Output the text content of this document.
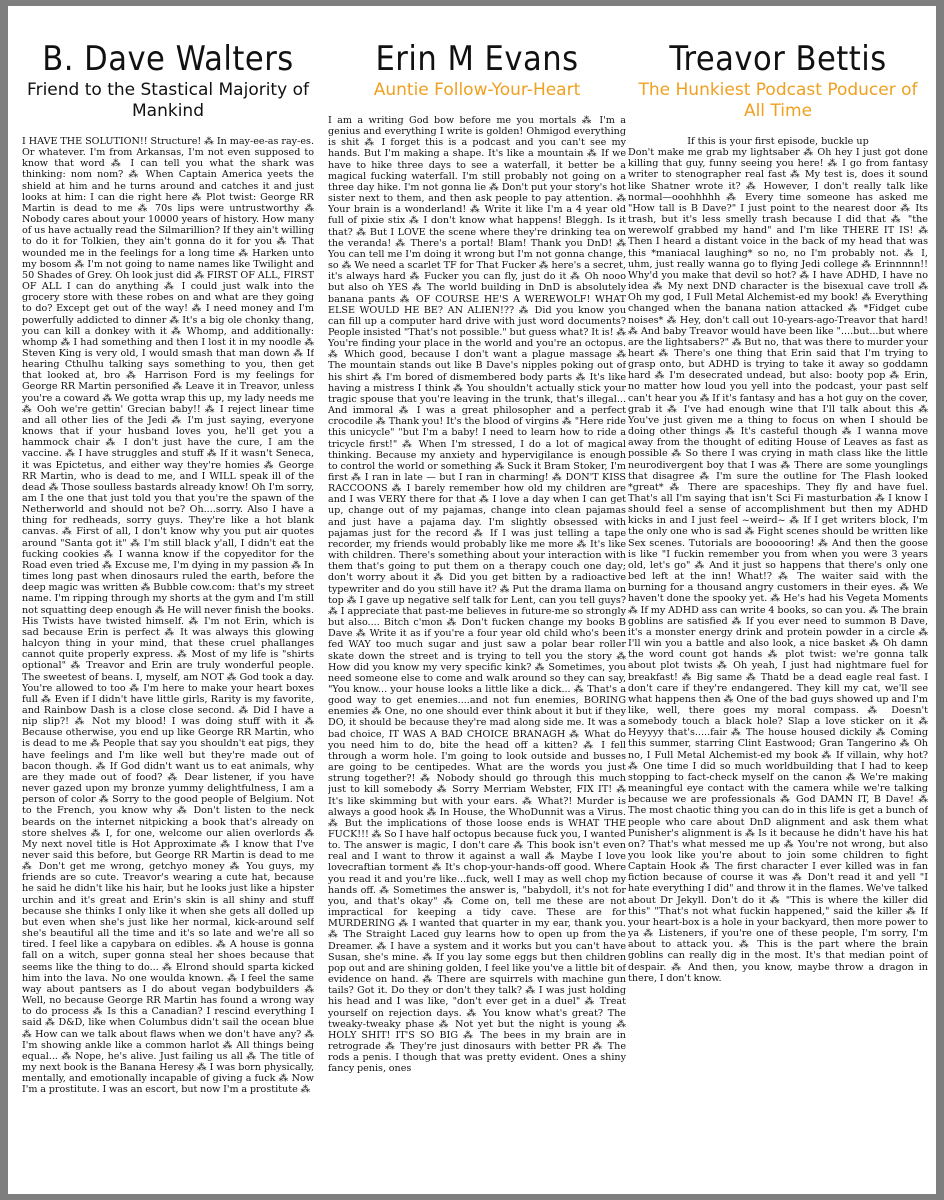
B. Dave Walters
Friend to the Stastical Majority of Mankind
I HAVE THE SOLUTION!! Structure! ⁂ In may-ee-as ray-es. Or whatever. I'm from Arkansas, I'm not even supposed to know that word ⁂ I can tell you what the shark was thinking: nom nom? ⁂ When Captain America yeets the shield at him and he turns around and catches it and just looks at him: I can die right here ⁂ Plot twist: George RR Martin is dead to me ⁂ 70s lips were untrustworthy ⁂ Nobody cares about your 10000 years of history. How many of us have actually read the Silmarillion? If they ain't willing to do it for Tolkien, they ain't gonna do it for you ⁂ That wounded me in the feelings for a long time ⁂ Harken unto my bosom ⁂ I'm not going to name names like Twilight and 50 Shades of Grey. Oh look just did ⁂ FIRST OF ALL, FIRST OF ALL I can do anything ⁂ I could just walk into the grocery store with these robes on and what are they going to do? Except get out of the way! ⁂ I need money and I'm powerfully addicted to dinner ⁂ It's a big ole chonky thang, you can kill a donkey with it ⁂ Whomp, and additionally: whomp ⁂ I had something and then I lost it in my noodle ⁂ Steven King is very old, I would smash that man down ⁂ If hearing Cthulhu talking says something to you, then get that looked at, bro ⁂ Harrison Ford is my feelings for George RR Martin personified ⁂ Leave it in Treavor, unless you're a coward ⁂ We gotta wrap this up, my lady needs me ⁂ Ooh we're gettin' Grecian baby!! ⁂ I reject linear time and all other lies of the Jedi ⁂ I'm just saying, everyone knows that if your husband loves you, he'll get you a hammock chair ⁂ I don't just have the cure, I am the vaccine. ⁂ I have struggles and stuff ⁂ If it wasn't Seneca, it was Epictetus, and either way they're homies ⁂ George RR Martin, who is dead to me, and I WILL speak ill of the dead ⁂ Those soulless bastards already know! Oh I'm sorry, am I the one that just told you that you're the spawn of the Netherworld and should not be? Oh....sorry. Also I have a thing for redheads, sorry guys. They're like a hot blank canvas. ⁂ First of all, I don't know why you put air quotes around "Santa got it" ⁂ I'm still black y'all, I didn't eat the fucking cookies ⁂ I wanna know if the copyeditor for the Road even tried ⁂ Excuse me, I'm dying in my passion ⁂ In times long past when dinosaurs ruled the earth, before the deep magic was written ⁂ Bubble cow.com: that's my street name. I'm ripping through my shorts at the gym and I'm still not squatting deep enough ⁂ He will never finish the books. His Twists have twisted himself. ⁂ I'm not Erin, which is sad because Erin is perfect ⁂ It was always this glowing halcyon thing in your mind, that these cruel phallanges cannot quite properly express. ⁂ Most of my life is "shirts optional" ⁂ Treavor and Erin are truly wonderful people. The sweetest of beans. I, myself, am NOT ⁂ God took a day. You're allowed to too ⁂ I'm here to make your heart boxes full ⁂ Even if I didn't have little girls, Rarity is my favorite, and Rainbow Dash is a close close second. ⁂ Did I have a nip slip?! ⁂ Not my blood! I was doing stuff with it ⁂ Because otherwise, you end up like George RR Martin, who is dead to me ⁂ People that say you shouldn't eat pigs, they have feelings and I'm like well but they're made out of bacon though. ⁂ If God didn't want us to eat animals, why are they made out of food? ⁂ Dear listener, if you have never gazed upon my bronze yummy delightfulness, I am a person of color ⁂ Sorry to the good people of Belgium. Not to the French, you know why ⁂ Don't listen to the neck beards on the internet nitpicking a book that's already on store shelves ⁂ I, for one, welcome our alien overlords ⁂ My next novel title is Hot Approximate ⁂ I know that I've never said this before, but George RR Martin is dead to me ⁂ Don't get me wrong, getchyo money ⁂ You guys, my friends are so cute. Treavor's wearing a cute hat, because he said he didn't like his hair, but he looks just like a hipster urchin and it's great and Erin's skin is all shiny and stuff because she thinks I only like it when she gets all dolled up but even when she's just like her normal, kick-around self she's beautiful all the time and it's so late and we're all so tired. I feel like a capybara on edibles. ⁂ A house is gonna fall on a witch, super gonna steal her shoes because that seems like the thing to do... ⁂ Elrond should sparta kicked him into the lava. No one woulda known. ⁂ I feel the same way about pantsers as I do about vegan bodybuilders ⁂ Well, no because George RR Martin has found a wrong way to do process ⁂ Is this a Canadian? I rescind everything I said ⁂ D&D, like when Columbus didn't sail the ocean blue ⁂ How can we talk about flaws when we don't have any? ⁂ I'm showing ankle like a common harlot ⁂ All things being equal... ⁂ Nope, he's alive. Just failing us all ⁂ The title of my next book is the Banana Heresy ⁂ I was born physically, mentally, and emotionally incapable of giving a fuck ⁂ Now I'm a prostitute. I was an escort, but now I'm a prostitute ⁂
Erin M Evans
Auntie Follow-Your-Heart
I am a writing God bow before me you mortals ⁂ I'm a genius and everything I write is golden! Ohmigod everything is shit ⁂ I forget this is a podcast and you can't see my hands. But I'm making a shape. It's like a mountain ⁂ If we have to hike three days to see a waterfall, it better be a magical fucking waterfall. I'm still probably not going on a three day hike. I'm not gonna lie ⁂ Don't put your story's hot sister next to them, and then ask people to pay attention. ⁂ Your brain is a wonderland! ⁂ Write it like I'm a 4 year old full of pixie stix ⁂ I don't know what happens! Bleggh. Is it that? ⁂ But I LOVE the scene where they're drinking tea on the veranda! ⁂ There's a portal! Blam! Thank you DnD! ⁂ You can tell me I'm doing it wrong but I'm not gonna change, so ⁂ We need a scarlet TF for That Fucker ⁂ here's a secret, it's always hard ⁂ Fucker you can fly, just do it ⁂ Oh nooo but also oh YES ⁂ The world building in DnD is absolutely banana pants ⁂ OF COURSE HE'S A WEREWOLF! WHAT ELSE WOULD HE BE? AN ALIEN!?? ⁂ Did you know you can fill up a computer hard drive with just word documents? People insisted "That's not possible." but guess what? It is! ⁂ You're finding your place in the world and you're an octopus. ⁂ Which good, because I don't want a plague massage ⁂ The mountain stands out like B Dave's nipples poking out of his shirt ⁂ I'm bored of dismembered body parts ⁂ It's like having a mistress I think ⁂ You shouldn't actually stick your tragic spouse that you're leaving in the trunk, that's illegal... And immoral ⁂ I was a great philosopher and a perfect crocodile ⁂ Thank you! It's the blood of virgins ⁂ "Here ride this unicycle" "but I'm a baby! I need to learn how to ride a tricycle first!" ⁂ When I'm stressed, I do a lot of magical thinking. Because my anxiety and hypervigilance is enough to control the world or something ⁂ Suck it Bram Stoker, I'm first ⁂ I ran in late — but I ran in charming! ⁂ DON'T KISS RACCOONS ⁂ I barely remember how old my children are and I was VERY there for that ⁂ I love a day when I can get up, change out of my pajamas, change into clean pajamas and just have a pajama day. I'm slightly obsessed with pajamas just for the record ⁂ If I was just telling a tape recorder, my friends would probably like me more ⁂ It's like with children. There's something about your interaction with them that's going to put them on a therapy couch one day; don't worry about it ⁂ Did you get bitten by a radioactive typewriter and do you still have it? ⁂ Put the drama llama on top ⁂ I gave up negative self talk for Lent, can you tell guys? ⁂ I appreciate that past-me believes in future-me so strongly but also.... Bitch c'mon ⁂ Don't fucken change my books B Dave ⁂ Write it as if you're a four year old child who's been fed WAY too much sugar and just saw a polar bear roller skate down the street and is trying to tell you the story ⁂ How did you know my very specific kink? ⁂ Sometimes, you need someone else to come and walk around so they can say, "You know... your house looks a little like a dick... ⁂ That's a good way to get enemies....and not fun enemies, BORING enemies ⁂ One, no one should ever think about it but if they DO, it should be because they're mad along side me. It was a bad choice, IT WAS A BAD CHOICE BRANAGH ⁂ What do you need him to do, bite the head off a kitten? ⁂ I fell through a worm hole. I'm going to look outside and busses are going to be centipedes. What are the words you just strung together?! ⁂ Nobody should go through this much just to kill somebody ⁂ Sorry Merriam Webster, FIX IT! ⁂ It's like skimming but with your ears. ⁂ What?! Murder is always a good hook ⁂ In House, the WhoDunnit was a Virus. ⁂ But the implications of those loose ends is WHAT THE FUCK!!! ⁂ So I have half octopus because fuck you, I wanted to. The answer is magic, I don't care ⁂ This book isn't even real and I want to throw it against a wall ⁂ Maybe I love lovecraftian torment ⁂ It's chop-your-hands-off good. Where you read it and you're like...fuck, well I may as well chop my hands off. ⁂ Sometimes the answer is, "babydoll, it's not for you, and that's okay" ⁂ Come on, tell me these are not impractical for keeping a tidy cave. These are for MURDERING ⁂ I wanted that quarter in my ear, thank you. ⁂ The Straight Laced guy learns how to open up from the Dreamer. ⁂ I have a system and it works but you can't have Susan, she's mine. ⁂ If you lay some eggs but then children pop out and are shining golden, I feel like you've a little bit of evidence on hand. ⁂ There are squirrels with machine gun tails? Got it. Do they or don't they talk? ⁂ I was just holding his head and I was like, "don't ever get in a duel" ⁂ Treat yourself on rejection days. ⁂ You know what's great? The tweaky-tweaky phase ⁂ Not yet but the night is young ⁂ HOLY SHIT! IT'S SO BIG ⁂ The bees in my brain are in retrograde ⁂ They're just dinosaurs with better PR ⁂ The rods a penis. I though that was pretty evident. Ones a shiny fancy penis, ones
Treavor Bettis
The Hunkiest Podcast Poducer of All Time
If this is your first episode, buckle up
Don't make me grab my lightsaber ⁂ Oh hey I just got done killing that guy, funny seeing you here! ⁂ I go from fantasy writer to stenographer real fast ⁂ My test is, does it sound like Shatner wrote it? ⁂ However, I don't really talk like normal—ooohhhhh ⁂ Every time someone has asked me "How tall is B Dave?" I just point to the nearest door ⁂ Its trash, but it's less smelly trash because I did that ⁂ "the werewolf grabbed my hand" and I'm like THERE IT IS! ⁂ Then I heard a distant voice in the back of my head that was this *maniacal laughing* so no, no I'm probably not. ⁂ I, uhm, just really wanna go to flying Jedi college ⁂ Erinnnnn!! Why'd you make that devil so hot? ⁂ I have ADHD, I have no idea ⁂ My next DND character is the bisexual cave troll ⁂ Oh my god, I Full Metal Alchemist-ed my book! ⁂ Everything changed when the banana nation attacked ⁂ *Fidget cube noises* ⁂ Hey, don't call out 10-years-ago-Treavor that hard! ⁂ And baby Treavor would have been like "....but...but where are the lightsabers?" ⁂ But no, that was there to murder your heart ⁂ There's one thing that Erin said that I'm trying to grasp onto, but ADHD is trying to take it away so goddamn hard ⁂ I'm desecrated undead, but also: booty pop ⁂ Erin, no matter how loud you yell into the podcast, your past self can't hear you ⁂ If it's fantasy and has a hot guy on the cover, grab it ⁂ I've had enough wine that I'll talk about this ⁂ You've just given me a thing to focus on when I should be doing other things ⁂ It's casteful though ⁂ I wanna move away from the thought of editing House of Leaves as fast as possible ⁂ So there I was crying in math class like the little neurodivergent boy that I was ⁂ There are some younglings that disagree ⁂ I'm sure the outline for The Flash looked *great* ⁂ There are spaceships. They fly and have fuel. That's all I'm saying that isn't Sci Fi masturbation ⁂ I know I should feel a sense of accomplishment but then my ADHD kicks in and I just feel ~weird~ ⁂ If I get writers block, I'm the only one who is sad ⁂ Fight scenes should be written like Sex scenes. Tutorials are boooooring! ⁂ And then the goose is like "I fuckin remember you from when you were 3 years old, let's go" ⁂ And it just so happens that there's only one bed left at the inn! What!? ⁂ The waiter said with the burning for a thousand angry customers in their eyes. ⁂ We haven't done the spooky yet. ⁂ He's had his Vegeta Moments ⁂ If my ADHD ass can write 4 books, so can you. ⁂ The brain goblins are satisfied ⁂ If you ever need to summon B Dave, it's a monster energy drink and protein powder in a circle ⁂ I'll win you a battle and also look, a nice basket ⁂ Oh damn the word count got hands ⁂ plot twist: we're gonna talk about plot twists ⁂ Oh yeah, I just had nightmare fuel for breakfast! ⁂ Big same ⁂ Thatd be a dead eagle real fast. I don't care if they're endangered. They kill my cat, we'll see what happens then ⁂ One of the bad guys showed up and I'm like, well, there goes my moral compass. ⁂ Doesn't somebody touch a black hole? Slap a love sticker on it ⁂ Heyyyy that's.....fair ⁂ The house housed dickily ⁂ Coming this summer, starring Clint Eastwood; Gran Tangerino ⁂ Oh no, I Full Metal Alchemist-ed my book ⁂ If villain, why hot? ⁂ One time I did so much worldbuilding that I had to keep stopping to fact-check myself on the canon ⁂ We're making meaningful eye contact with the camera while we're talking because we are professionals ⁂ God DAMN IT, B Dave! ⁂ The most chaotic thing you can do in this life is get a bunch of people who care about DnD alignment and ask them what Punisher's alignment is ⁂ Is it because he didn't have his hat on? That's what messed me up ⁂ You're not wrong, but also you look like you're about to join some children to fight Captain Hook ⁂ The first character I ever killed was in fan fiction because of course it was ⁂ Don't read it and yell "I hate everything I did" and throw it in the flames. We've talked about Dr Jekyll. Don't do it ⁂ "This is where the killer did this" "That's not what fuckin happened," said the killer ⁂ If your heart-box is a hole in your backyard, then more power to ya ⁂ Listeners, if you're one of these people, I'm sorry, I'm about to attack you. ⁂ This is the part where the brain goblins can really dig in the most. It's that median point of despair. ⁂ And then, you know, maybe throw a dragon in there, I don't know.
